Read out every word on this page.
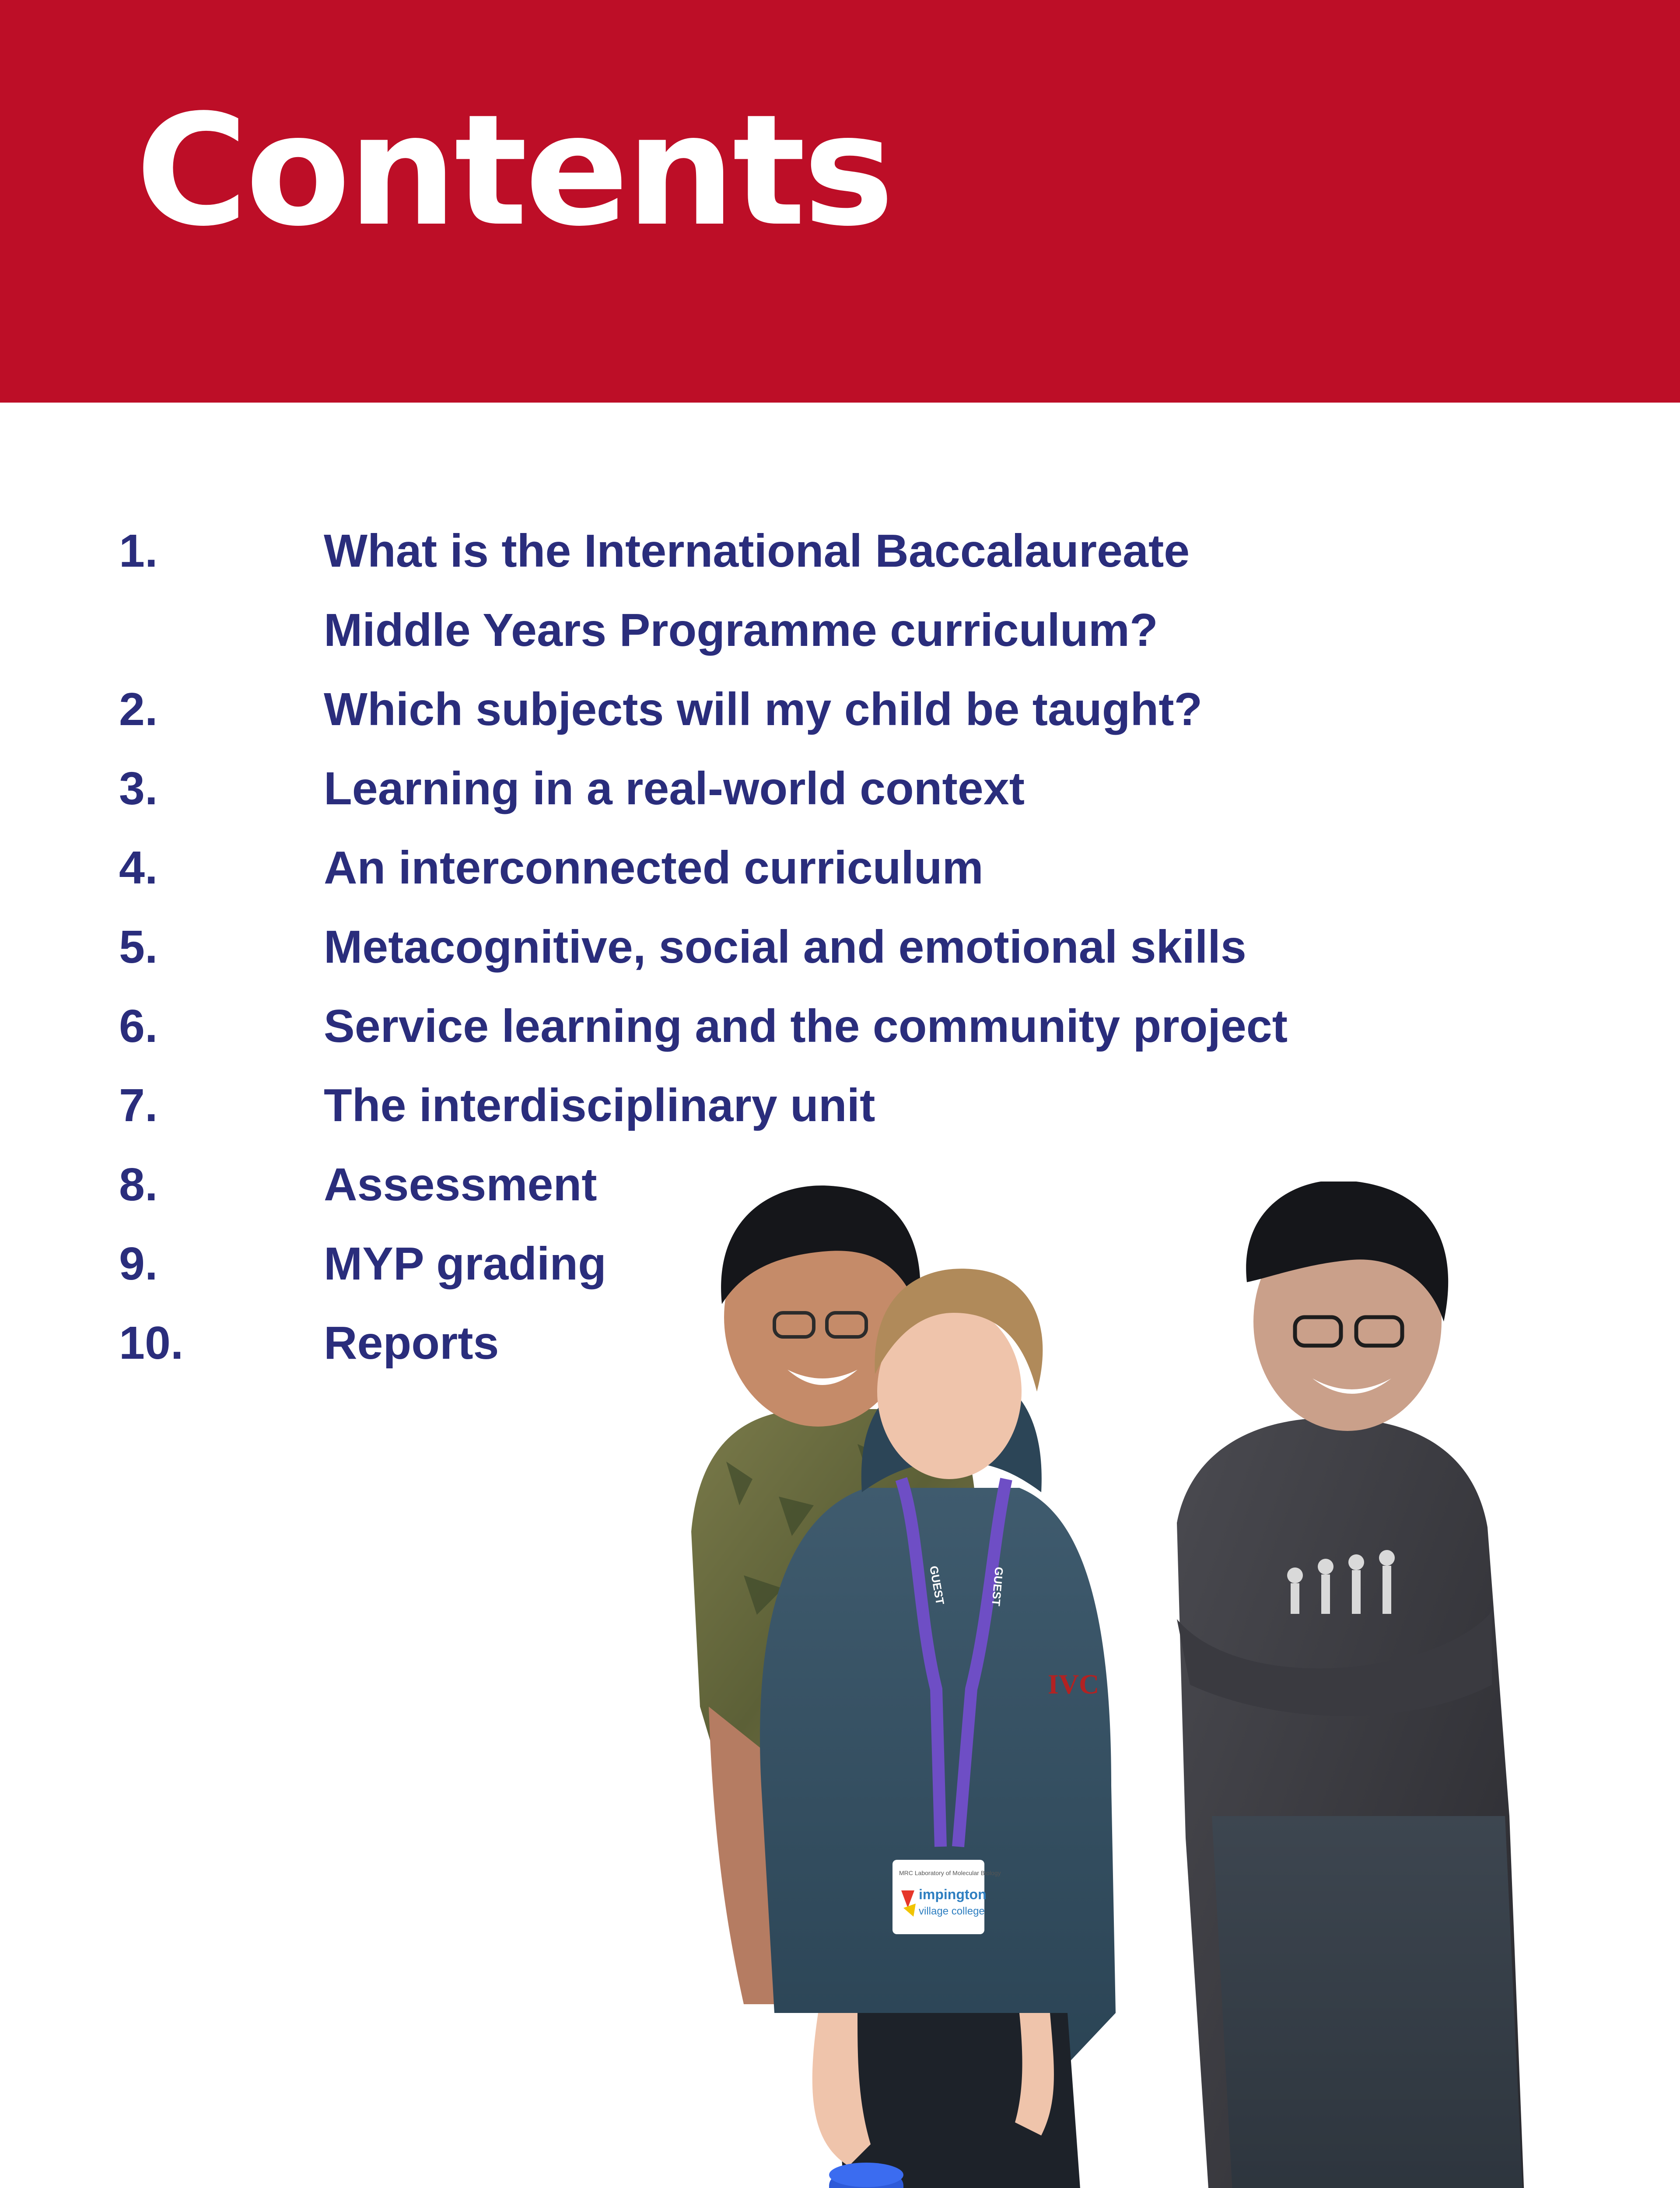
Contents
1.	What is the International Baccalaureate
Middle Years Programme curriculum?
2.	Which subjects will my child be taught?
3.	Learning in a real-world context
4.	An interconnected curriculum
5.	Metacognitive, social and emotional skills
6.	Service learning and the community project
7.	The interdisciplinary unit
8.	Assessment
9.	MYP grading
10.	Reports
GUEST	GUEST
IVC
MRC Laboratory of Molecular Biology
impington
village college
